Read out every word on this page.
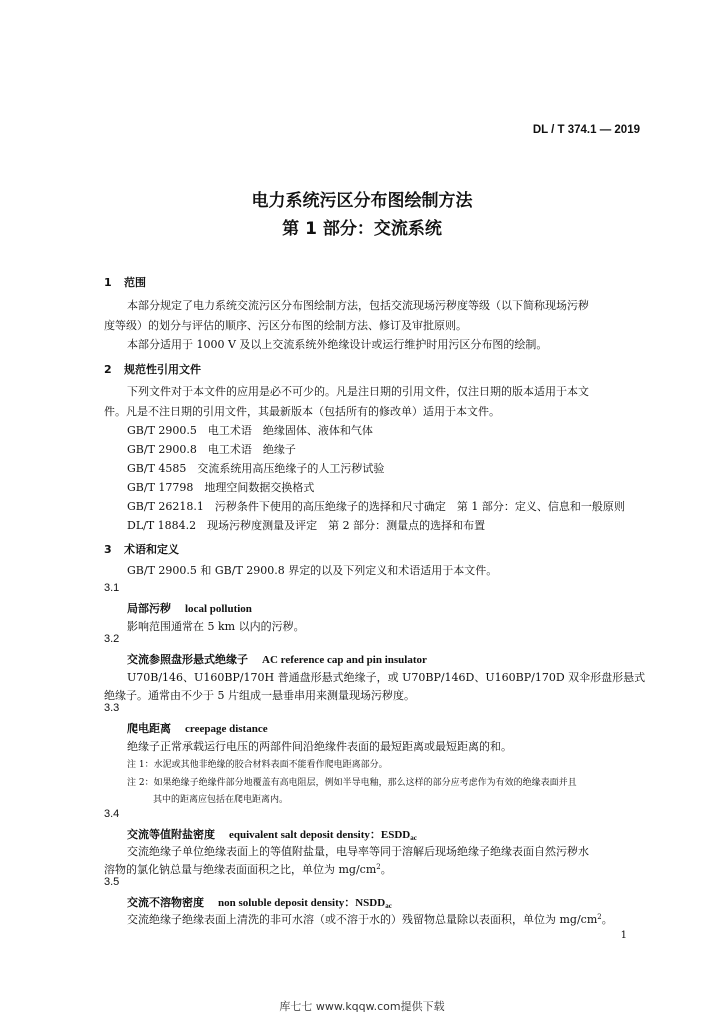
DL / T 374.1 — 2019
电力系统污区分布图绘制方法
第 1 部分：交流系统
1 范围
本部分规定了电力系统交流污区分布图绘制方法，包括交流现场污秽度等级（以下简称现场污秽
度等级）的划分与评估的顺序、污区分布图的绘制方法、修订及审批原则。
本部分适用于 1000 V 及以上交流系统外绝缘设计或运行维护时用污区分布图的绘制。
2 规范性引用文件
下列文件对于本文件的应用是必不可少的。凡是注日期的引用文件，仅注日期的版本适用于本文
件。凡是不注日期的引用文件，其最新版本（包括所有的修改单）适用于本文件。
GB/T 2900.5　电工术语　绝缘固体、液体和气体
GB/T 2900.8　电工术语　绝缘子
GB/T 4585　交流系统用高压绝缘子的人工污秽试验
GB/T 17798　地理空间数据交换格式
GB/T 26218.1　污秽条件下使用的高压绝缘子的选择和尺寸确定　第 1 部分：定义、信息和一般原则
DL/T 1884.2　现场污秽度测量及评定　第 2 部分：测量点的选择和布置
3 术语和定义
GB/T 2900.5 和 GB/T 2900.8 界定的以及下列定义和术语适用于本文件。
3.1
局部污秽 local pollution
影响范围通常在 5 km 以内的污秽。
3.2
交流参照盘形悬式绝缘子 AC reference cap and pin insulator
U70B/146、U160BP/170H 普通盘形悬式绝缘子，或 U70BP/146D、U160BP/170D 双伞形盘形悬式
绝缘子。通常由不少于 5 片组成一悬垂串用来测量现场污秽度。
3.3
爬电距离 creepage distance
绝缘子正常承载运行电压的两部件间沿绝缘件表面的最短距离或最短距离的和。
注 1：水泥或其他非绝缘的胶合材料表面不能看作爬电距离部分。
注 2：如果绝缘子绝缘件部分地覆盖有高电阻层，例如半导电釉，那么这样的部分应考虑作为有效的绝缘表面并且
其中的距离应包括在爬电距离内。
3.4
交流等值附盐密度 equivalent salt deposit density：$ESDD_{ac}$
交流绝缘子单位绝缘表面上的等值附盐量，电导率等同于溶解后现场绝缘子绝缘表面自然污秽水
溶物的氯化钠总量与绝缘表面面积之比，单位为 $mg/cm^2$。
3.5
交流不溶物密度 non soluble deposit density：$NSDD_{ac}$
交流绝缘子绝缘表面上清洗的非可水溶（或不溶于水的）残留物总量除以表面积，单位为 $mg/cm^2$。
1
库七七 www.kqqw.com提供下载
